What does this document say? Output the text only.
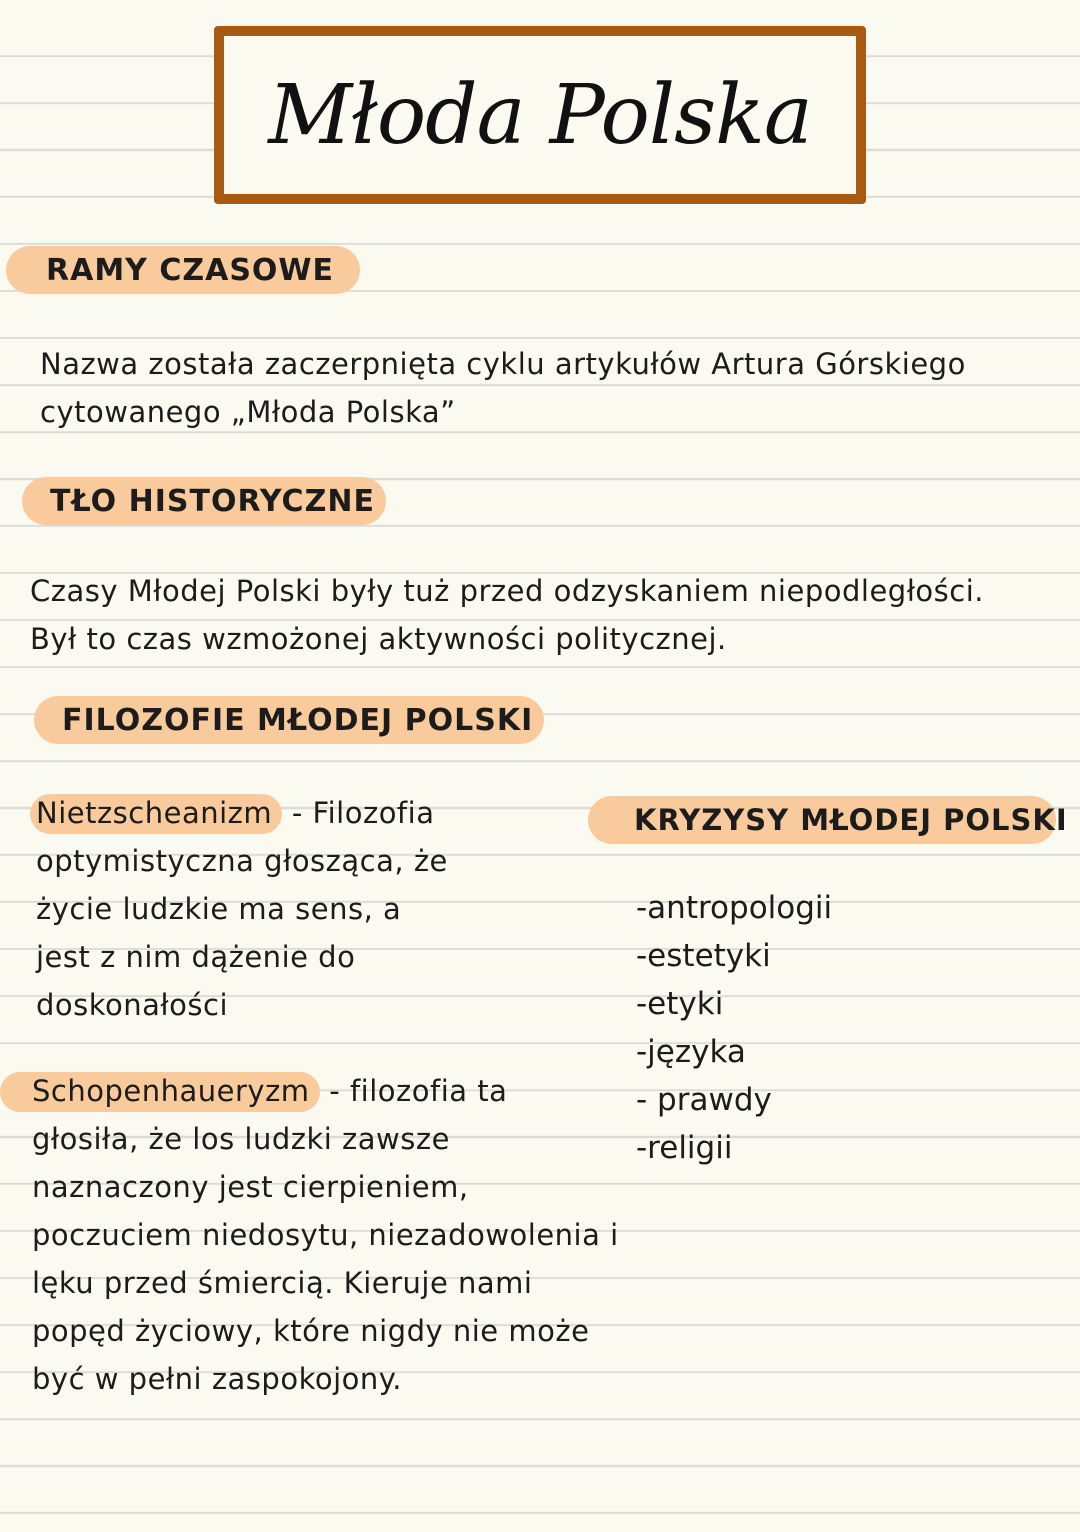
Młoda Polska
RAMY CZASOWE
Nazwa została zaczerpnięta cyklu artykułów Artura Górskiego
cytowanego „Młoda Polska”
TŁO HISTORYCZNE
Czasy Młodej Polski były tuż przed odzyskaniem niepodległości.
Był to czas wzmożonej aktywności politycznej.
FILOZOFIE MŁODEJ POLSKI
Nietzscheanizm - Filozofia
optymistyczna głosząca, że
życie ludzkie ma sens, a
jest z nim dążenie do
doskonałości
Schopenhaueryzm - filozofia ta
głosiła, że los ludzki zawsze
naznaczony jest cierpieniem,
poczuciem niedosytu, niezadowolenia i
lęku przed śmiercią. Kieruje nami
popęd życiowy, które nigdy nie może
być w pełni zaspokojony.
KRYZYSY MŁODEJ POLSKI
-antropologii
-estetyki
-etyki
-języka
- prawdy
-religii
